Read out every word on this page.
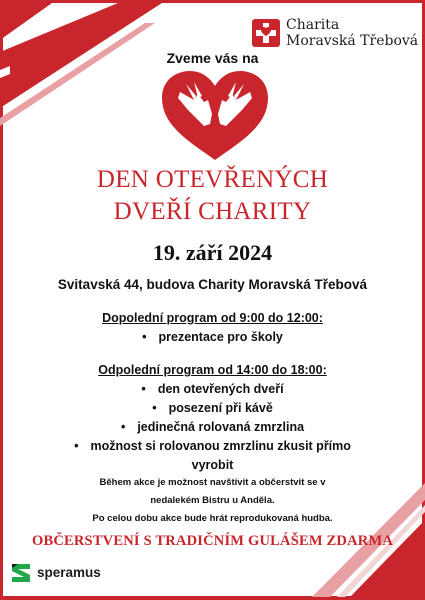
Charita
Moravská Třebová
Zveme vás na
DEN OTEVŘENÝCH
DVEŘÍ CHARITY
19. září 2024
Svitavská 44, budova Charity Moravská Třebová
Dopolední program od 9:00 do 12:00:
• prezentace pro školy
Odpolední program od 14:00 do 18:00:
• den otevřených dveří
• posezení při kávě
• jedinečná rolovaná zmrzlina
• možnost si rolovanou zmrzlinu zkusit přímo
vyrobit
Během akce je možnost navštívit a občerstvit se v
nedalekém Bistru u Anděla.
Po celou dobu akce bude hrát reprodukovaná hudba.
OBČERSTVENÍ S TRADIČNÍM GULÁŠEM ZDARMA
speramus
